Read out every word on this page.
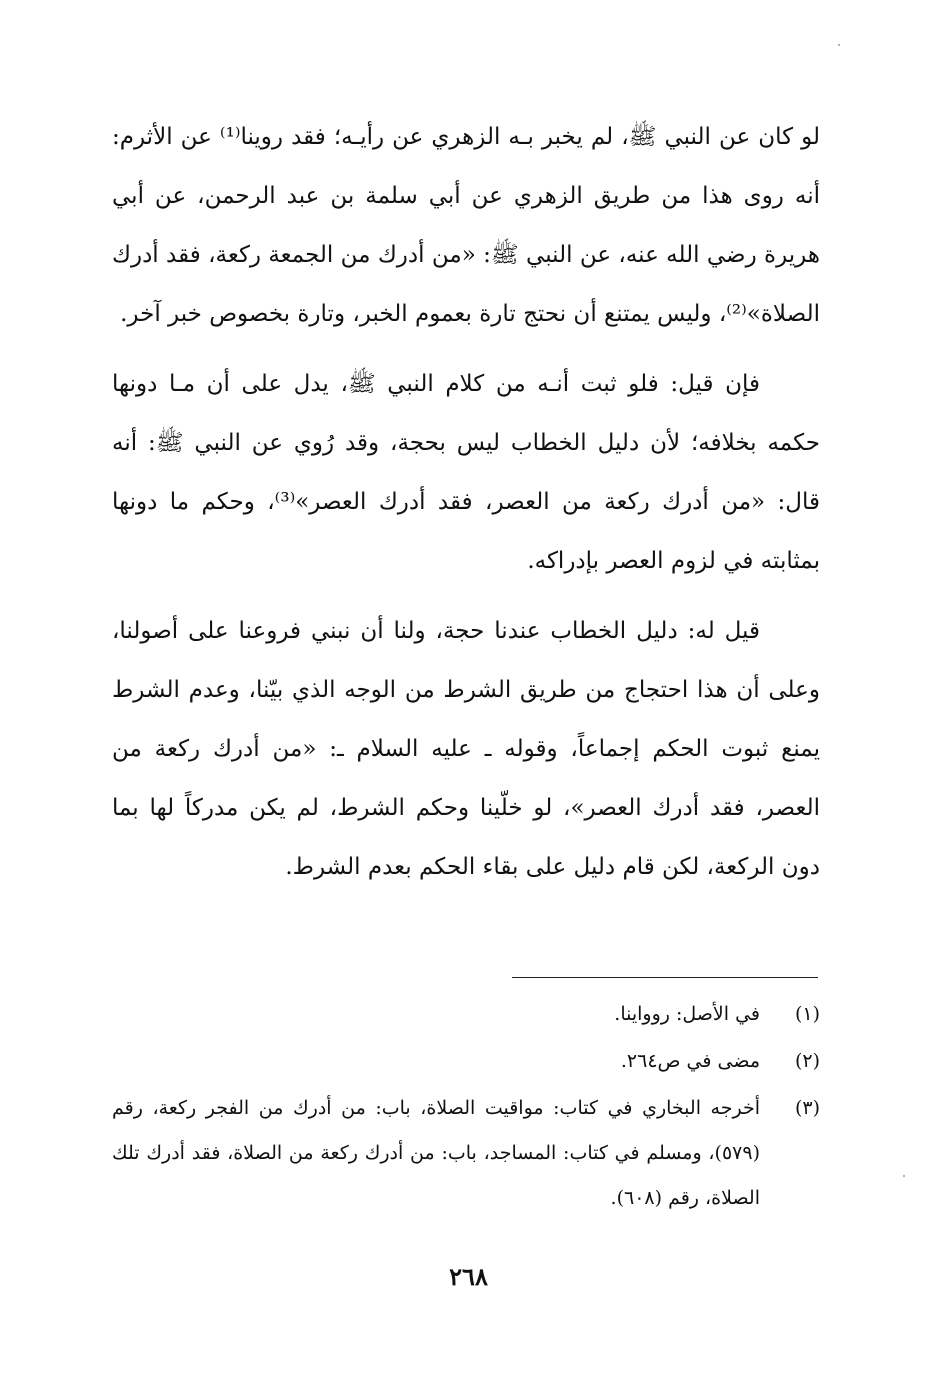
لو كان عن النبي ﷺ، لم يخبر بـه الزهري عن رأيـه؛ فقد روينا⁽¹⁾ عن الأثرم: أنه روى هذا من طريق الزهري عن أبي سلمة بن عبد الرحمن، عن أبي هريرة رضي الله عنه، عن النبي ﷺ: «من أدرك من الجمعة ركعة، فقد أدرك الصلاة»⁽²⁾، وليس يمتنع أن نحتج تارة بعموم الخبر، وتارة بخصوص خبر آخر.

فإن قيل: فلو ثبت أنـه من كلام النبي ﷺ، يدل على أن مـا دونها حكمه بخلافه؛ لأن دليل الخطاب ليس بحجة، وقد رُوي عن النبي ﷺ: أنه قال: «من أدرك ركعة من العصر، فقد أدرك العصر»⁽³⁾، وحكم ما دونها بمثابته في لزوم العصر بإدراكه.

قيل له: دليل الخطاب عندنا حجة، ولنا أن نبني فروعنا على أصولنا، وعلى أن هذا احتجاج من طريق الشرط من الوجه الذي بيّنا، وعدم الشرط يمنع ثبوت الحكم إجماعاً، وقوله ـ عليه السلام ـ: «من أدرك ركعة من العصر، فقد أدرك العصر»، لو خلّينا وحكم الشرط، لم يكن مدركاً لها بما دون الركعة، لكن قام دليل على بقاء الحكم بعدم الشرط.

(١)
في الأصل: روواينا.
(٢)
مضى في ص٢٦٤.
(٣)
أخرجه البخاري في كتاب: مواقيت الصلاة، باب: من أدرك من الفجر ركعة، رقم (٥٧٩)، ومسلم في كتاب: المساجد، باب: من أدرك ركعة من الصلاة، فقد أدرك تلك الصلاة، رقم (٦٠٨).
٢٦٨
